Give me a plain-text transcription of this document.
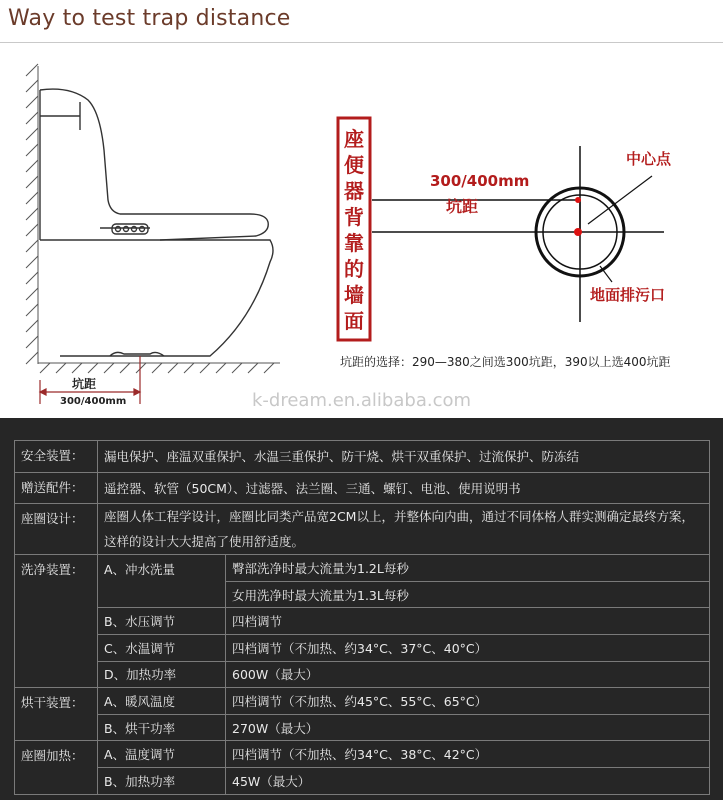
Way to test trap distance
坑距
300/400mm
座
便
器
背
靠
的
墙
面
300/400mm
坑距
中心点
地面排污口
坑距的选择：290—380之间选300坑距，390以上选400坑距
k-dream.en.alibaba.com
安全装置：	漏电保护、座温双重保护、水温三重保护、防干烧、烘干双重保护、过流保护、防冻结	
赠送配件：	遥控器、软管（50CM）、过滤器、法兰圈、三通、螺钉、电池、使用说明书	
座圈设计：	座圈人体工程学设计，座圈比同类产品宽2CM以上，并整体向内曲，通过不同体格人群实测确定最终方案，这样的设计大大提高了使用舒适度。	
洗净装置：	A、冲水洗量	臀部洗净时最大流量为1.2L每秒
		女用洗净时最大流量为1.3L每秒
	B、水压调节	四档调节
	C、水温调节	四档调节（不加热、约34°C、37°C、40°C）
	D、加热功率	600W（最大）
烘干装置：	A、暖风温度	四档调节（不加热、约45°C、55°C、65°C）
	B、烘干功率	270W（最大）
座圈加热：	A、温度调节	四档调节（不加热、约34°C、38°C、42°C）
	B、加热功率	45W（最大）
